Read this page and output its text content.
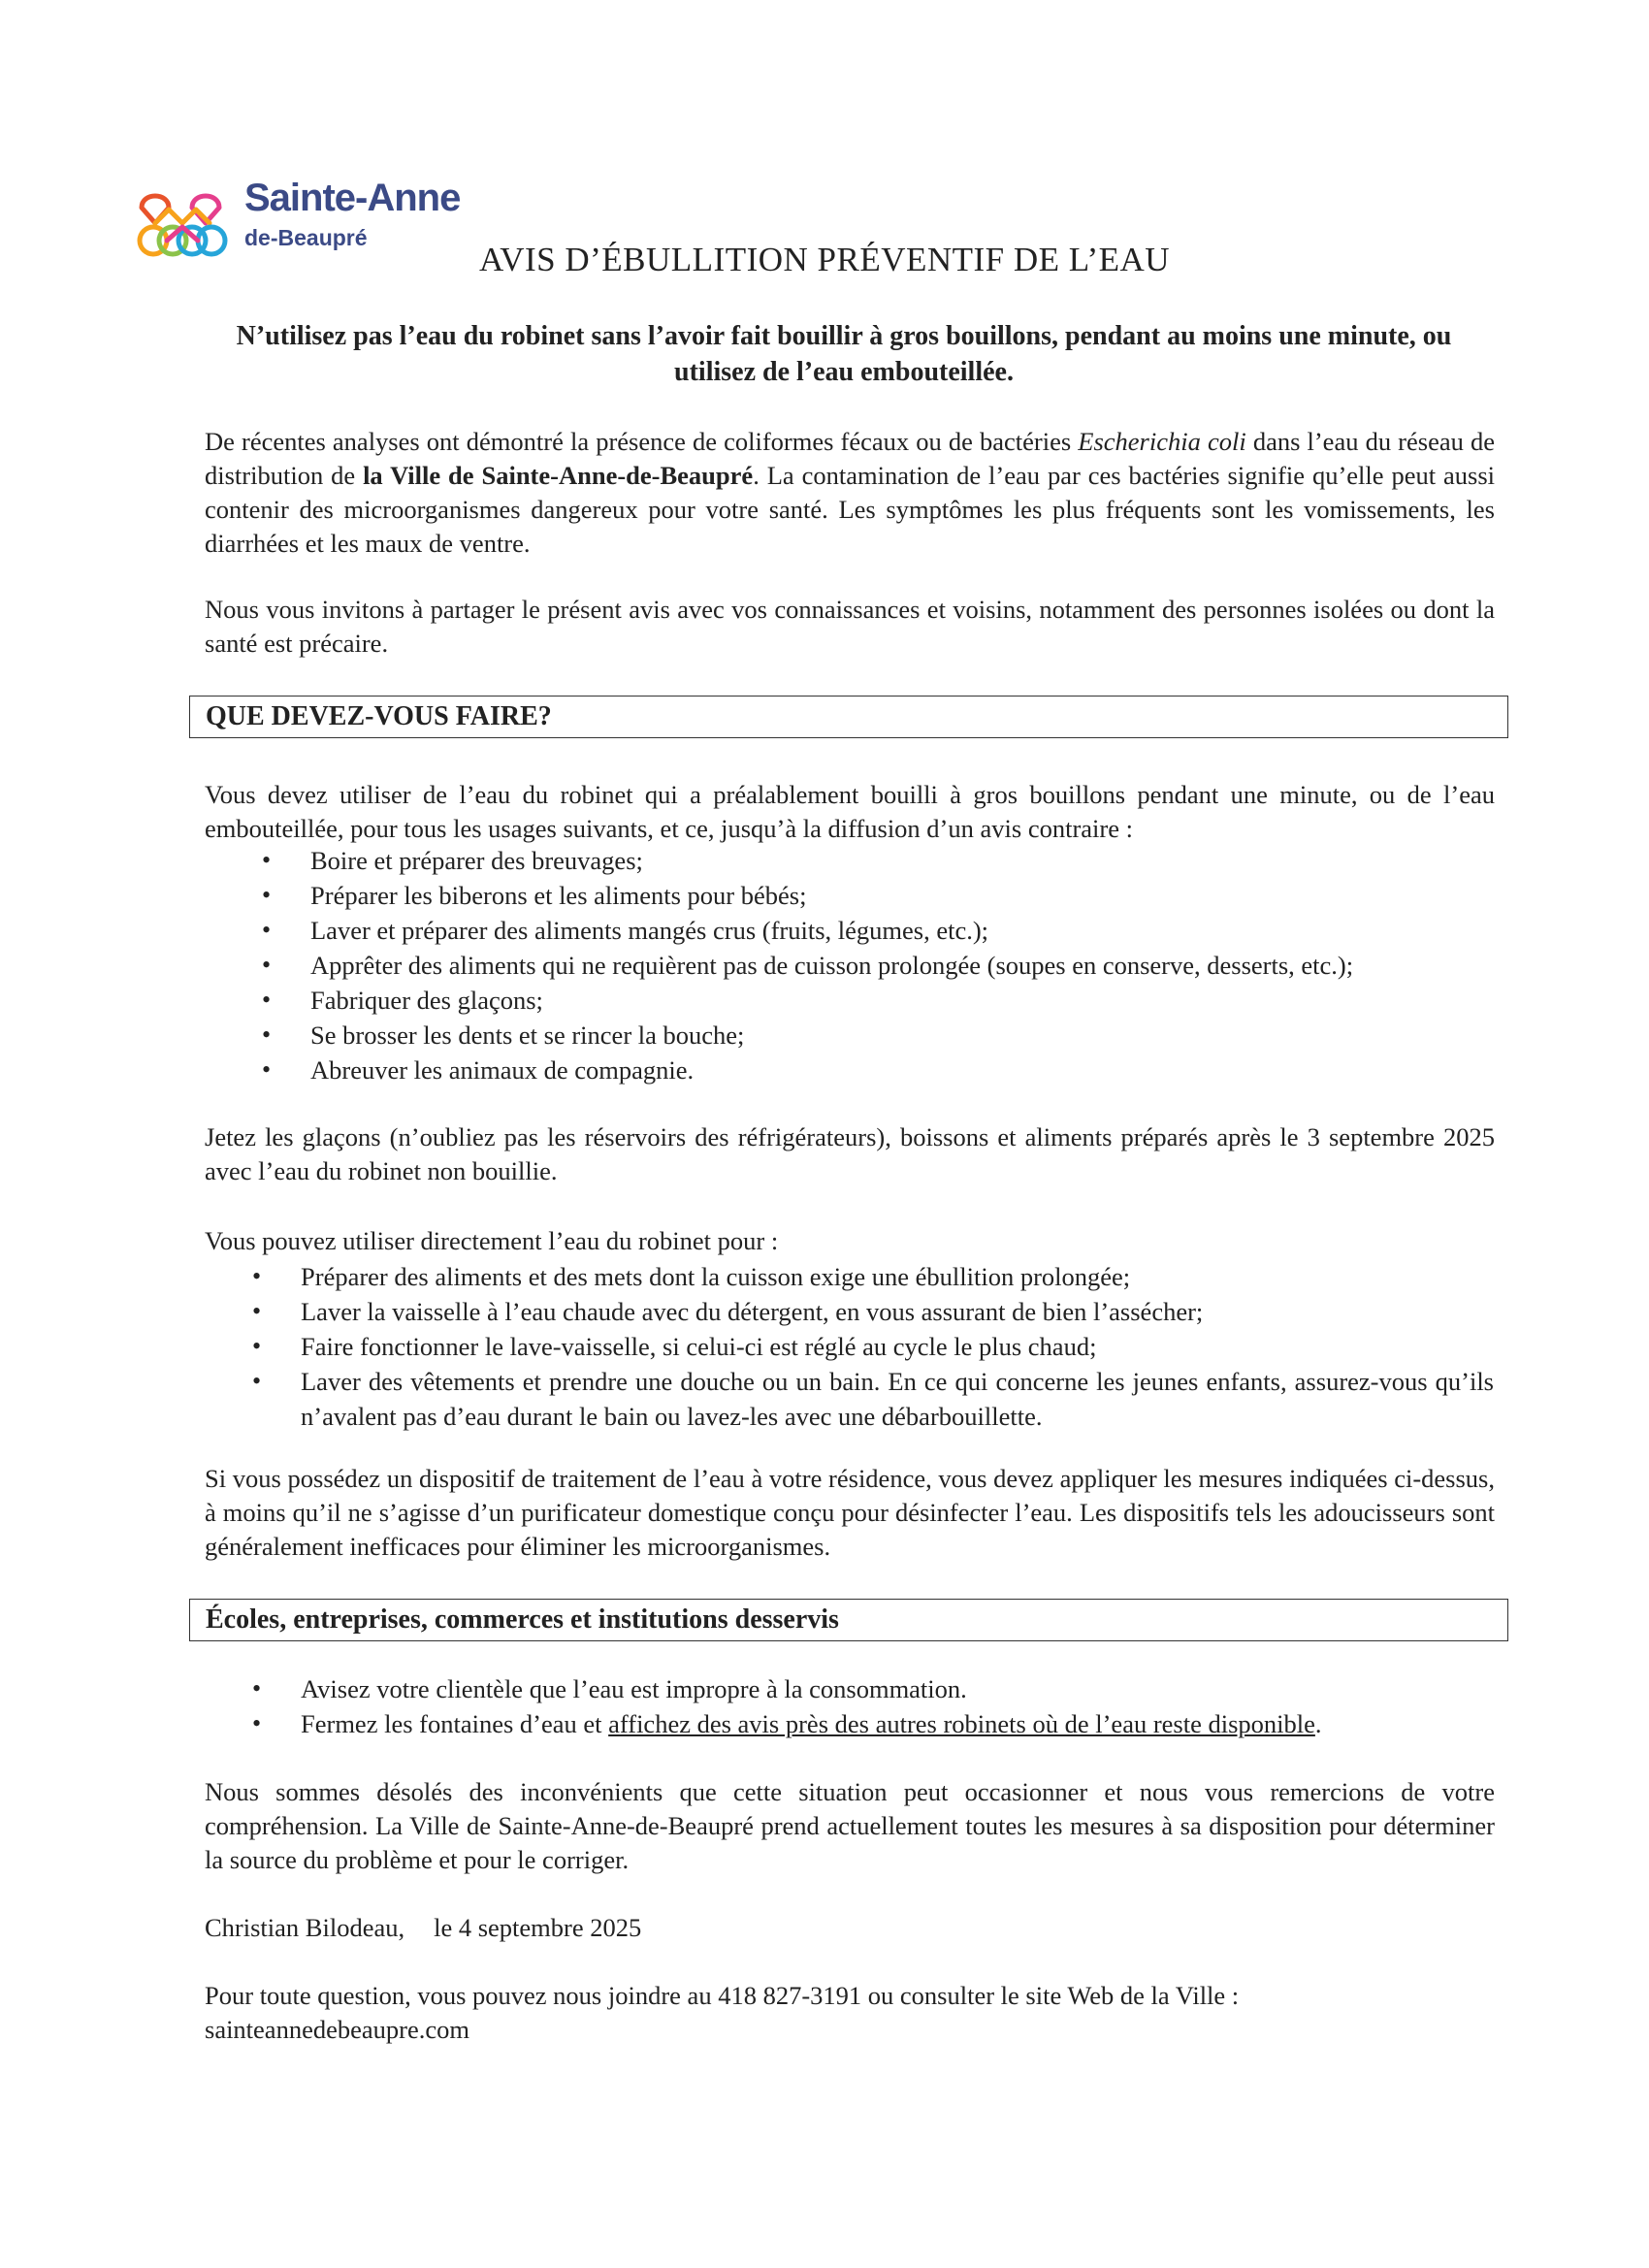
Sainte-Anne
de-Beaupré
AVIS D’ÉBULLITION PRÉVENTIF DE L’EAU
N’utilisez pas l’eau du robinet sans l’avoir fait bouillir à gros bouillons, pendant au moins une minute, ou utilisez de l’eau embouteillée.

De récentes analyses ont démontré la présence de coliformes fécaux ou de bactéries Escherichia coli dans l’eau du réseau de distribution de la Ville de Sainte-Anne-de-Beaupré. La contamination de l’eau par ces bactéries signifie qu’elle peut aussi contenir des microorganismes dangereux pour votre santé. Les symptômes les plus fréquents sont les vomissements, les diarrhées et les maux de ventre.

Nous vous invitons à partager le présent avis avec vos connaissances et voisins, notamment des personnes isolées ou dont la santé est précaire.

QUE DEVEZ-VOUS FAIRE?

Vous devez utiliser de l’eau du robinet qui a préalablement bouilli à gros bouillons pendant une minute, ou de l’eau embouteillée, pour tous les usages suivants, et ce, jusqu’à la diffusion d’un avis contraire :

• Boire et préparer des breuvages;
• Préparer les biberons et les aliments pour bébés;
• Laver et préparer des aliments mangés crus (fruits, légumes, etc.);
• Apprêter des aliments qui ne requièrent pas de cuisson prolongée (soupes en conserve, desserts, etc.);
• Fabriquer des glaçons;
• Se brosser les dents et se rincer la bouche;
• Abreuver les animaux de compagnie.

Jetez les glaçons (n’oubliez pas les réservoirs des réfrigérateurs), boissons et aliments préparés après le 3 septembre 2025 avec l’eau du robinet non bouillie.

Vous pouvez utiliser directement l’eau du robinet pour :

• Préparer des aliments et des mets dont la cuisson exige une ébullition prolongée;
• Laver la vaisselle à l’eau chaude avec du détergent, en vous assurant de bien l’assécher;
• Faire fonctionner le lave-vaisselle, si celui-ci est réglé au cycle le plus chaud;
• Laver des vêtements et prendre une douche ou un bain. En ce qui concerne les jeunes enfants, assurez-vous qu’ils n’avalent pas d’eau durant le bain ou lavez-les avec une débarbouillette.

Si vous possédez un dispositif de traitement de l’eau à votre résidence, vous devez appliquer les mesures indiquées ci-dessus, à moins qu’il ne s’agisse d’un purificateur domestique conçu pour désinfecter l’eau. Les dispositifs tels les adoucisseurs sont généralement inefficaces pour éliminer les microorganismes.

Écoles, entreprises, commerces et institutions desservis
• Avisez votre clientèle que l’eau est impropre à la consommation.
• Fermez les fontaines d’eau et affichez des avis près des autres robinets où de l’eau reste disponible.

Nous sommes désolés des inconvénients que cette situation peut occasionner et nous vous remercions de votre compréhension. La Ville de Sainte-Anne-de-Beaupré prend actuellement toutes les mesures à sa disposition pour déterminer la source du problème et pour le corriger.

Christian Bilodeau, le 4 septembre 2025

Pour toute question, vous pouvez nous joindre au 418 827-3191 ou consulter le site Web de la Ville :
sainteannedebeaupre.com
